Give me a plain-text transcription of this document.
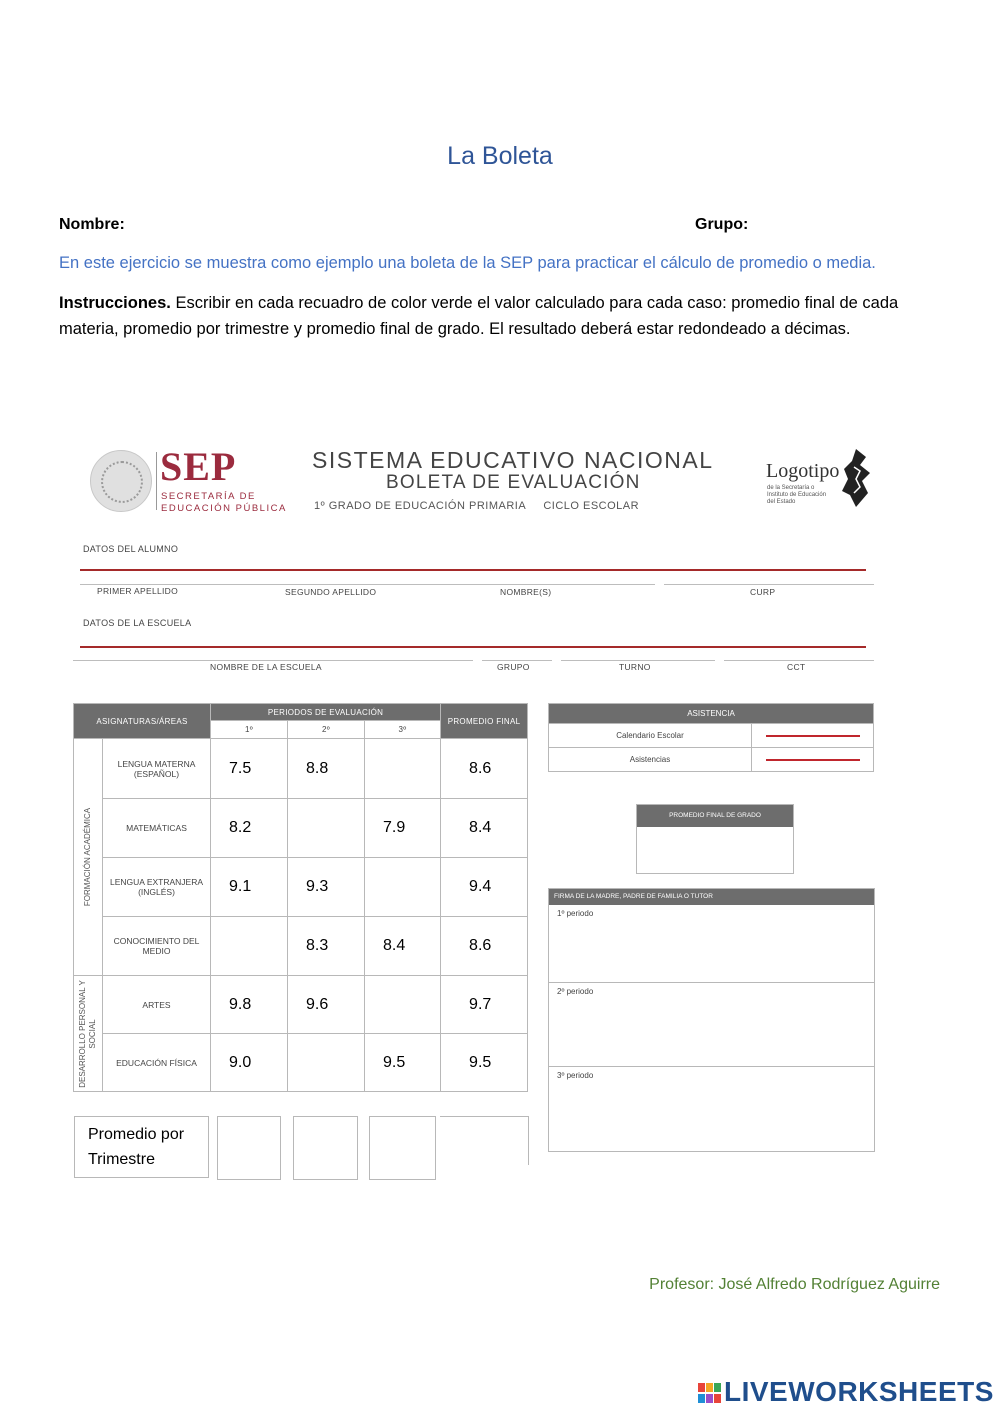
La Boleta
Nombre:	Grupo:
En este ejercicio se muestra como ejemplo una boleta de la SEP para practicar el cálculo de promedio o media.
Instrucciones. Escribir en cada recuadro de color verde el valor calculado para cada caso: promedio final de cada materia, promedio por trimestre y promedio final de grado. El resultado deberá estar redondeado a décimas.
SEP
SECRETARÍA DE
EDUCACIÓN PÚBLICA
SISTEMA EDUCATIVO NACIONAL
BOLETA DE EVALUACIÓN
1º GRADO DE EDUCACIÓN PRIMARIA     CICLO ESCOLAR
Logotipo
de la Secretaría o Instituto de Educación del Estado
DATOS DEL ALUMNO
PRIMER APELLIDO	SEGUNDO APELLIDO	NOMBRE(S)	CURP
DATOS DE LA ESCUELA
NOMBRE DE LA ESCUELA	GRUPO	TURNO	CCT
ASIGNATURAS/ÁREAS		PERIODOS DE EVALUACIÓN			PROMEDIO FINAL
		1º	2º	3º	

FORMACIÓN ACADÉMICA	LENGUA MATERNA (ESPAÑOL)	7.5	8.8		8.6
	MATEMÁTICAS	8.2		7.9	8.4
	LENGUA EXTRANJERA (INGLÉS)	9.1	9.3		9.4
	CONOCIMIENTO DEL MEDIO		8.3	8.4	8.6

DESARROLLO PERSONAL Y SOCIAL	ARTES	9.8	9.6		9.7
	EDUCACIÓN FÍSICA	9.0		9.5	9.5
Promedio por Trimestre
ASISTENCIA	
Calendario Escolar	

Asistencias	
PROMEDIO FINAL DE GRADO
FIRMA DE LA MADRE, PADRE DE FAMILIA O TUTOR
1º periodo
2º periodo
3º periodo
Profesor: José Alfredo Rodríguez Aguirre
LIVEWORKSHEETS
